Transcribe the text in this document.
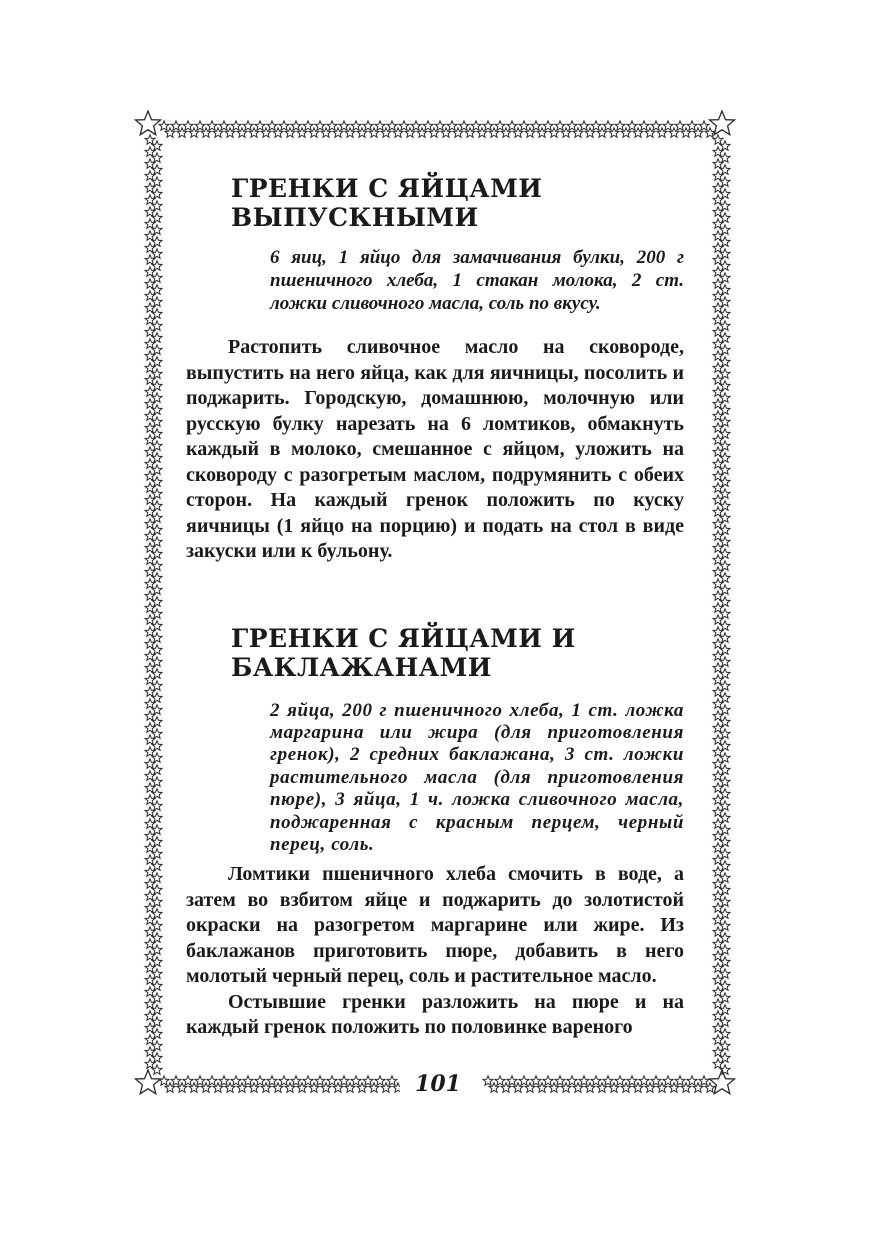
ГРЕНКИ С ЯЙЦАМИ
ВЫПУСКНЫМИ

6 яиц, 1 яйцо для замачивания булки, 200 г пшеничного хлеба, 1 стакан молока, 2 ст. ложки сливочного масла, соль по вкусу.

Растопить сливочное масло на сковороде, выпустить на него яйца, как для яичницы, посолить и поджарить. Городскую, домашнюю, молочную или русскую булку нарезать на 6 ломтиков, обмакнуть каждый в молоко, смешанное с яйцом, уложить на сковороду с разогретым маслом, подрумянить с обеих сторон. На каждый гренок положить по куску яичницы (1 яйцо на порцию) и подать на стол в виде закуски или к бульону.

ГРЕНКИ С ЯЙЦАМИ И
БАКЛАЖАНАМИ

2 яйца, 200 г пшеничного хлеба, 1 ст. ложка маргарина или жира (для приготовления гренок), 2 средних баклажана, 3 ст. ложки растительного масла (для приготовления пюре), 3 яйца, 1 ч. ложка сливочного масла, поджаренная с красным перцем, черный перец, соль.

Ломтики пшеничного хлеба смочить в воде, а затем во взбитом яйце и поджарить до золотистой окраски на разогретом маргарине или жире. Из баклажанов приготовить пюре, добавить в него молотый черный перец, соль и растительное масло.

Остывшие гренки разложить на пюре и на каждый гренок положить по половинке вареного

101
